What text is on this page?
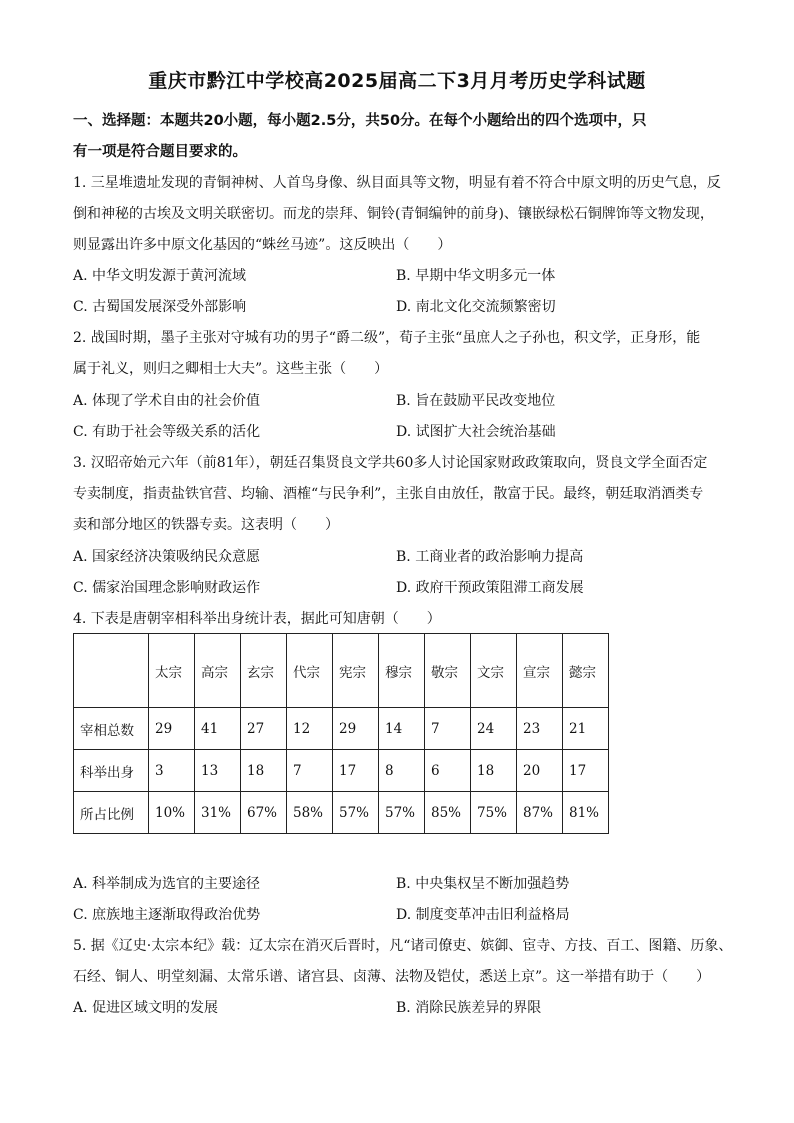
重庆市黔江中学校高2025届高二下3月月考历史学科试题
一、选择题：本题共20小题，每小题2.5分，共50分。在每个小题给出的四个选项中，只
有一项是符合题目要求的。
1. 三星堆遗址发现的青铜神树、人首鸟身像、纵目面具等文物，明显有着不符合中原文明的历史气息，反
倒和神秘的古埃及文明关联密切。而龙的崇拜、铜铃(青铜编钟的前身)、镶嵌绿松石铜牌饰等文物发现，
则显露出许多中原文化基因的“蛛丝马迹”。这反映出（　　）
A. 中华文明发源于黄河流域	B. 早期中华文明多元一体
C. 古蜀国发展深受外部影响	D. 南北文化交流频繁密切
2. 战国时期，墨子主张对守城有功的男子“爵二级”，荀子主张“虽庶人之子孙也，积文学，正身形，能
属于礼义，则归之卿相士大夫”。这些主张（　　）
A. 体现了学术自由的社会价值	B. 旨在鼓励平民改变地位
C. 有助于社会等级关系的活化	D. 试图扩大社会统治基础
3. 汉昭帝始元六年（前81年），朝廷召集贤良文学共60多人讨论国家财政政策取向，贤良文学全面否定
专卖制度，指责盐铁官营、均输、酒榷“与民争利”，主张自由放任，散富于民。最终，朝廷取消酒类专
卖和部分地区的铁器专卖。这表明（　　）
A. 国家经济决策吸纳民众意愿	B. 工商业者的政治影响力提高
C. 儒家治国理念影响财政运作	D. 政府干预政策阻滞工商发展
4. 下表是唐朝宰相科举出身统计表，据此可知唐朝（　　）
	太宗	高宗	玄宗	代宗	宪宗	穆宗	敬宗	文宗	宣宗	懿宗
宰相总数	29	41	27	12	29	14	7	24	23	21
科举出身	3	13	18	7	17	8	6	18	20	17
所占比例	10%	31%	67%	58%	57%	57%	85%	75%	87%	81%
A. 科举制成为选官的主要途径	B. 中央集权呈不断加强趋势
C. 庶族地主逐渐取得政治优势	D. 制度变革冲击旧利益格局
5. 据《辽史·太宗本纪》载：辽太宗在消灭后晋时，凡“诸司僚吏、嫔御、宦寺、方技、百工、图籍、历象、
石经、铜人、明堂刻漏、太常乐谱、诸宫县、卤薄、法物及铠仗，悉送上京”。这一举措有助于（　　）
A. 促进区域文明的发展	B. 消除民族差异的界限
